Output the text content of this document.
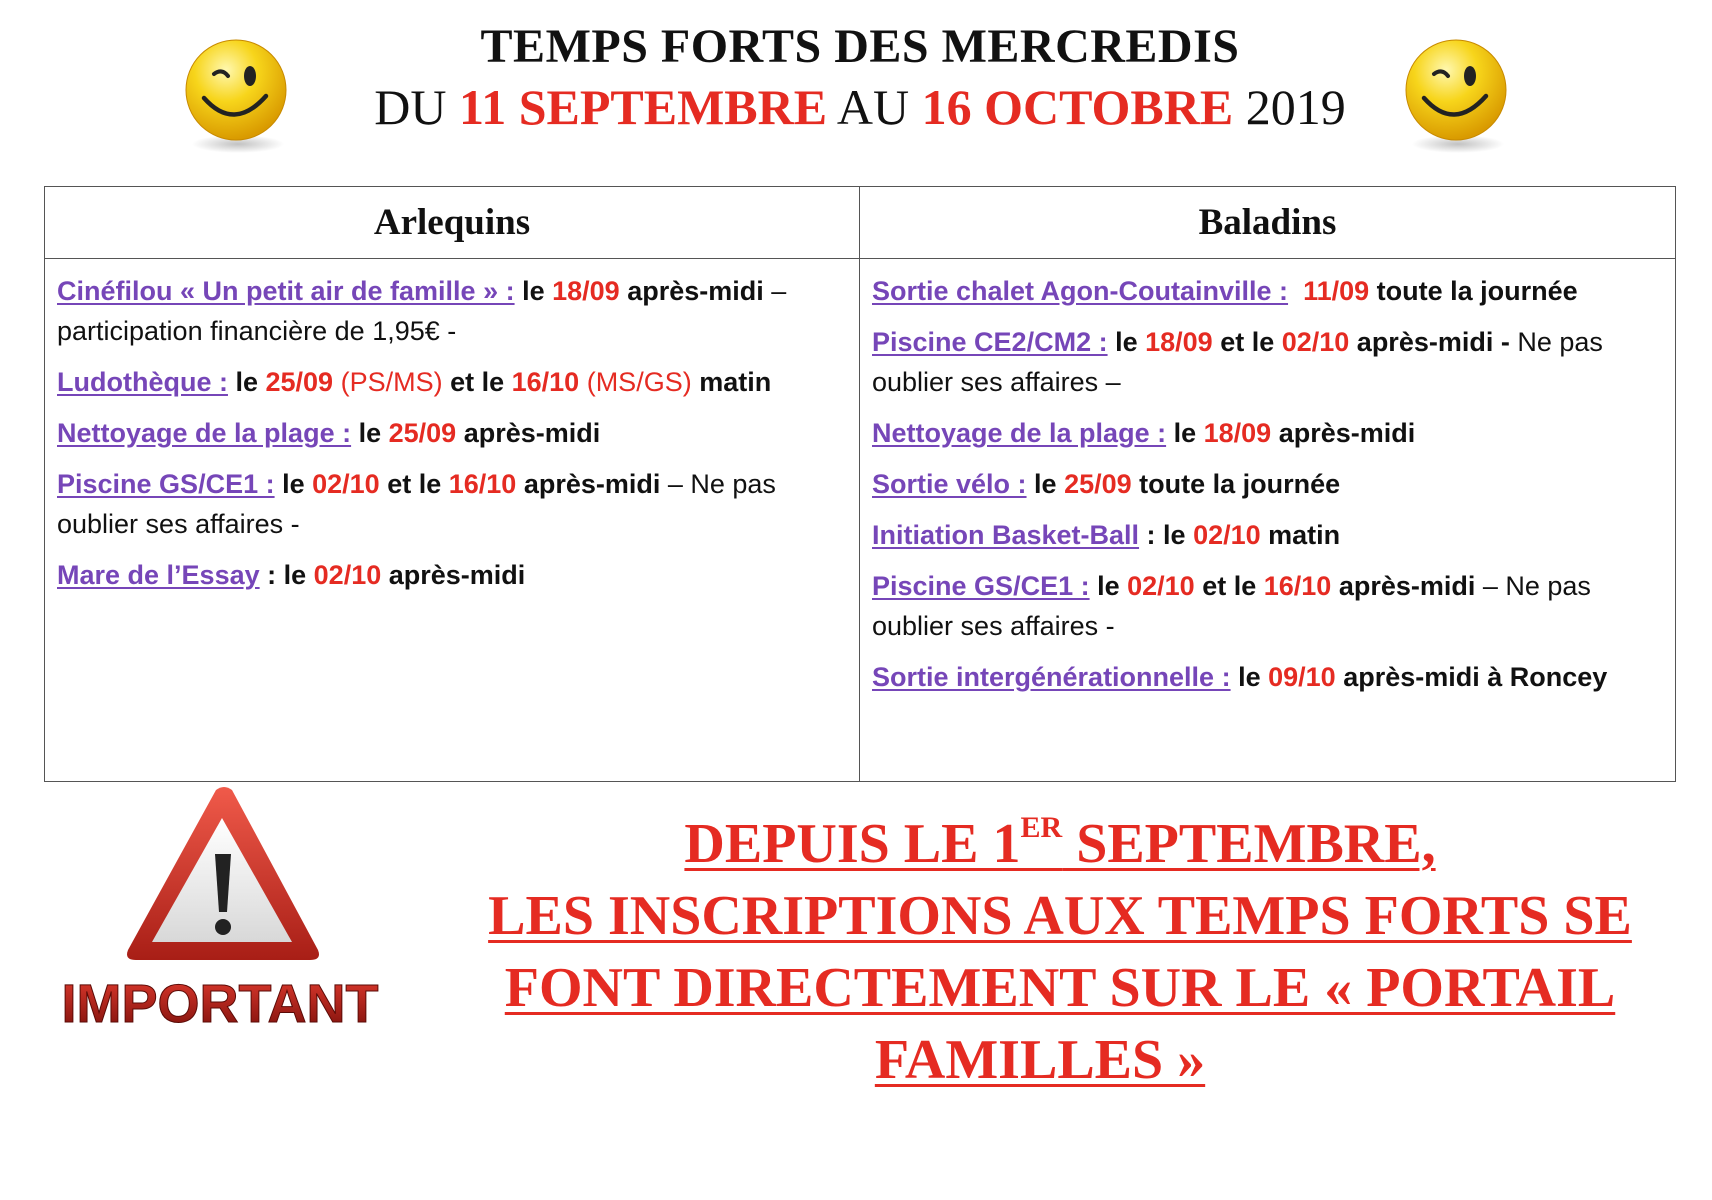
TEMPS FORTS DES MERCREDIS
DU 11 SEPTEMBRE AU 16 OCTOBRE 2019
Arlequins	Baladins
Cinéfilou « Un petit air de famille » : le 18/09 après-midi – participation financière de 1,95€ -
Ludothèque : le 25/09 (PS/MS) et le 16/10 (MS/GS) matin
Nettoyage de la plage : le 25/09 après-midi
Piscine GS/CE1 : le 02/10 et le 16/10 après-midi – Ne pas oublier ses affaires -
Mare de l’Essay : le 02/10 après-midi
Sortie chalet Agon-Coutainville : 11/09 toute la journée
Piscine CE2/CM2 : le 18/09 et le 02/10 après-midi - Ne pas oublier ses affaires –
Nettoyage de la plage : le 18/09 après-midi
Sortie vélo : le 25/09 toute la journée
Initiation Basket-Ball : le 02/10 matin
Piscine GS/CE1 : le 02/10 et le 16/10 après-midi – Ne pas oublier ses affaires -
Sortie intergénérationnelle : le 09/10 après-midi à Roncey
IMPORTANT
DEPUIS LE 1ER SEPTEMBRE,
LES INSCRIPTIONS AUX TEMPS FORTS SE
FONT DIRECTEMENT SUR LE « PORTAIL
FAMILLES »
